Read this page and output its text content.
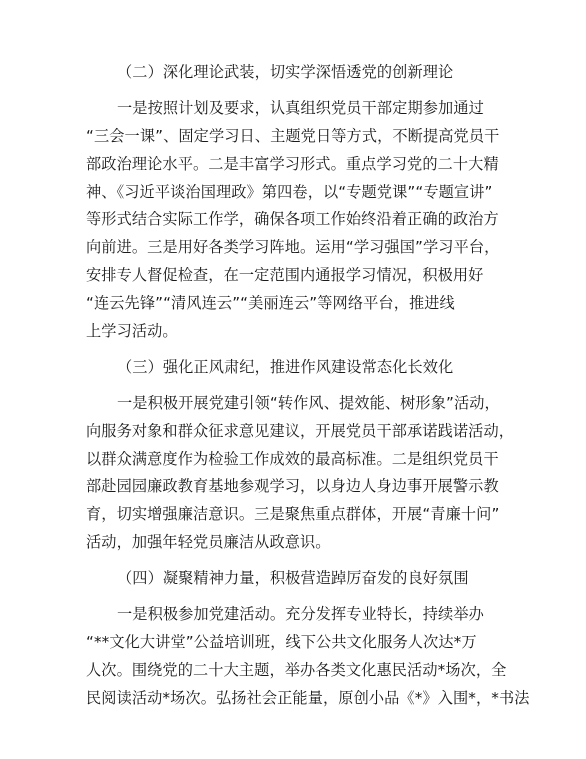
（二）深化理论武装，切实学深悟透党的创新理论
一是按照计划及要求，认真组织党员干部定期参加通过
“三会一课”、固定学习日、主题党日等方式，不断提高党员干
部政治理论水平。二是丰富学习形式。重点学习党的二十大精
神、《习近平谈治国理政》第四卷，以“专题党课”“专题宣讲”
等形式结合实际工作学，确保各项工作始终沿着正确的政治方
向前进。三是用好各类学习阵地。运用“学习强国”学习平台，
安排专人督促检查，在一定范围内通报学习情况，积极用好
“连云先锋”“清风连云”“美丽连云”等网络平台，推进线
上学习活动。
（三）强化正风肃纪，推进作风建设常态化长效化
一是积极开展党建引领“转作风、提效能、树形象”活动，
向服务对象和群众征求意见建议，开展党员干部承诺践诺活动，
以群众满意度作为检验工作成效的最高标准。二是组织党员干
部赴园园廉政教育基地参观学习，以身边人身边事开展警示教
育，切实增强廉洁意识。三是聚焦重点群体，开展“青廉十问”
活动，加强年轻党员廉洁从政意识。
（四）凝聚精神力量，积极营造踔厉奋发的良好氛围
一是积极参加党建活动。充分发挥专业特长，持续举办
“**文化大讲堂”公益培训班，线下公共文化服务人次达*万
人次。围绕党的二十大主题，举办各类文化惠民活动*场次，全
民阅读活动*场次。弘扬社会正能量，原创小品《*》入围*，*书法
